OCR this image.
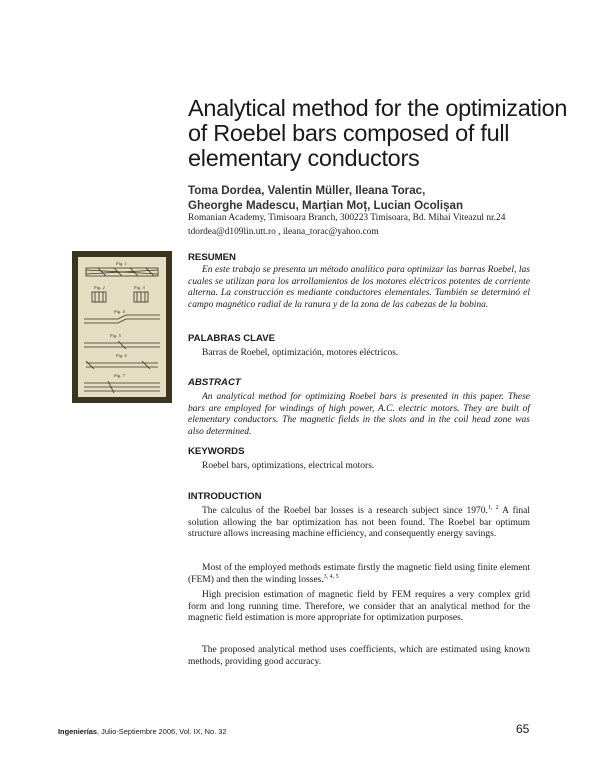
Analytical method for the optimization of Roebel bars composed of full elementary conductors
Toma Dordea, Valentin Müller, Ileana Torac,
Gheorghe Madescu, Marțian Moț, Lucian Ocolișan
Romanian Academy, Timisoara Branch, 300223 Timisoara, Bd. Mihai Viteazul nr.24
tdordea@d109lin.utt.ro , ileana_torac@yahoo.com
Fig. 1
Fig. 2	Fig. 3
Fig. 4
Fig. 5
Fig. 6
Fig. 7
RESUMEN

En este trabajo se presenta un método analítico para optimizar las barras Roebel, las cuales se utilizan para los arrollamientos de los motores eléctricos potentes de corriente alterna. La construcción es mediante conductores elementales. También se determinó el campo magnético radial de la ranura y de la zona de las cabezas de la bobina.

PALABRAS CLAVE

Barras de Roebel, optimización, motores eléctricos.

ABSTRACT

An analytical method for optimizing Roebel bars is presented in this paper. These bars are employed for windings of high power, A.C. electric motors. They are built of elementary conductors. The magnetic fields in the slots and in the coil head zone was also determined.

KEYWORDS

Roebel bars, optimizations, electrical motors.

INTRODUCTION

The calculus of the Roebel bar losses is a research subject since 1970.$^{1, 2}$ A final solution allowing the bar optimization has not been found. The Roebel bar optimum structure allows increasing machine efficiency, and consequently energy savings.

Most of the employed methods estimate firstly the magnetic field using finite element (FEM) and then the winding losses.$^{3, 4, 5}$

High precision estimation of magnetic field by FEM requires a very complex grid form and long running time. Therefore, we consider that an analytical method for the magnetic field estimation is more appropriate for optimization purposes.

The proposed analytical method uses coefficients, which are estimated using known methods, providing good accuracy.

Ingenierías, Julio-Septiembre 2006, Vol. IX, No. 32	65
